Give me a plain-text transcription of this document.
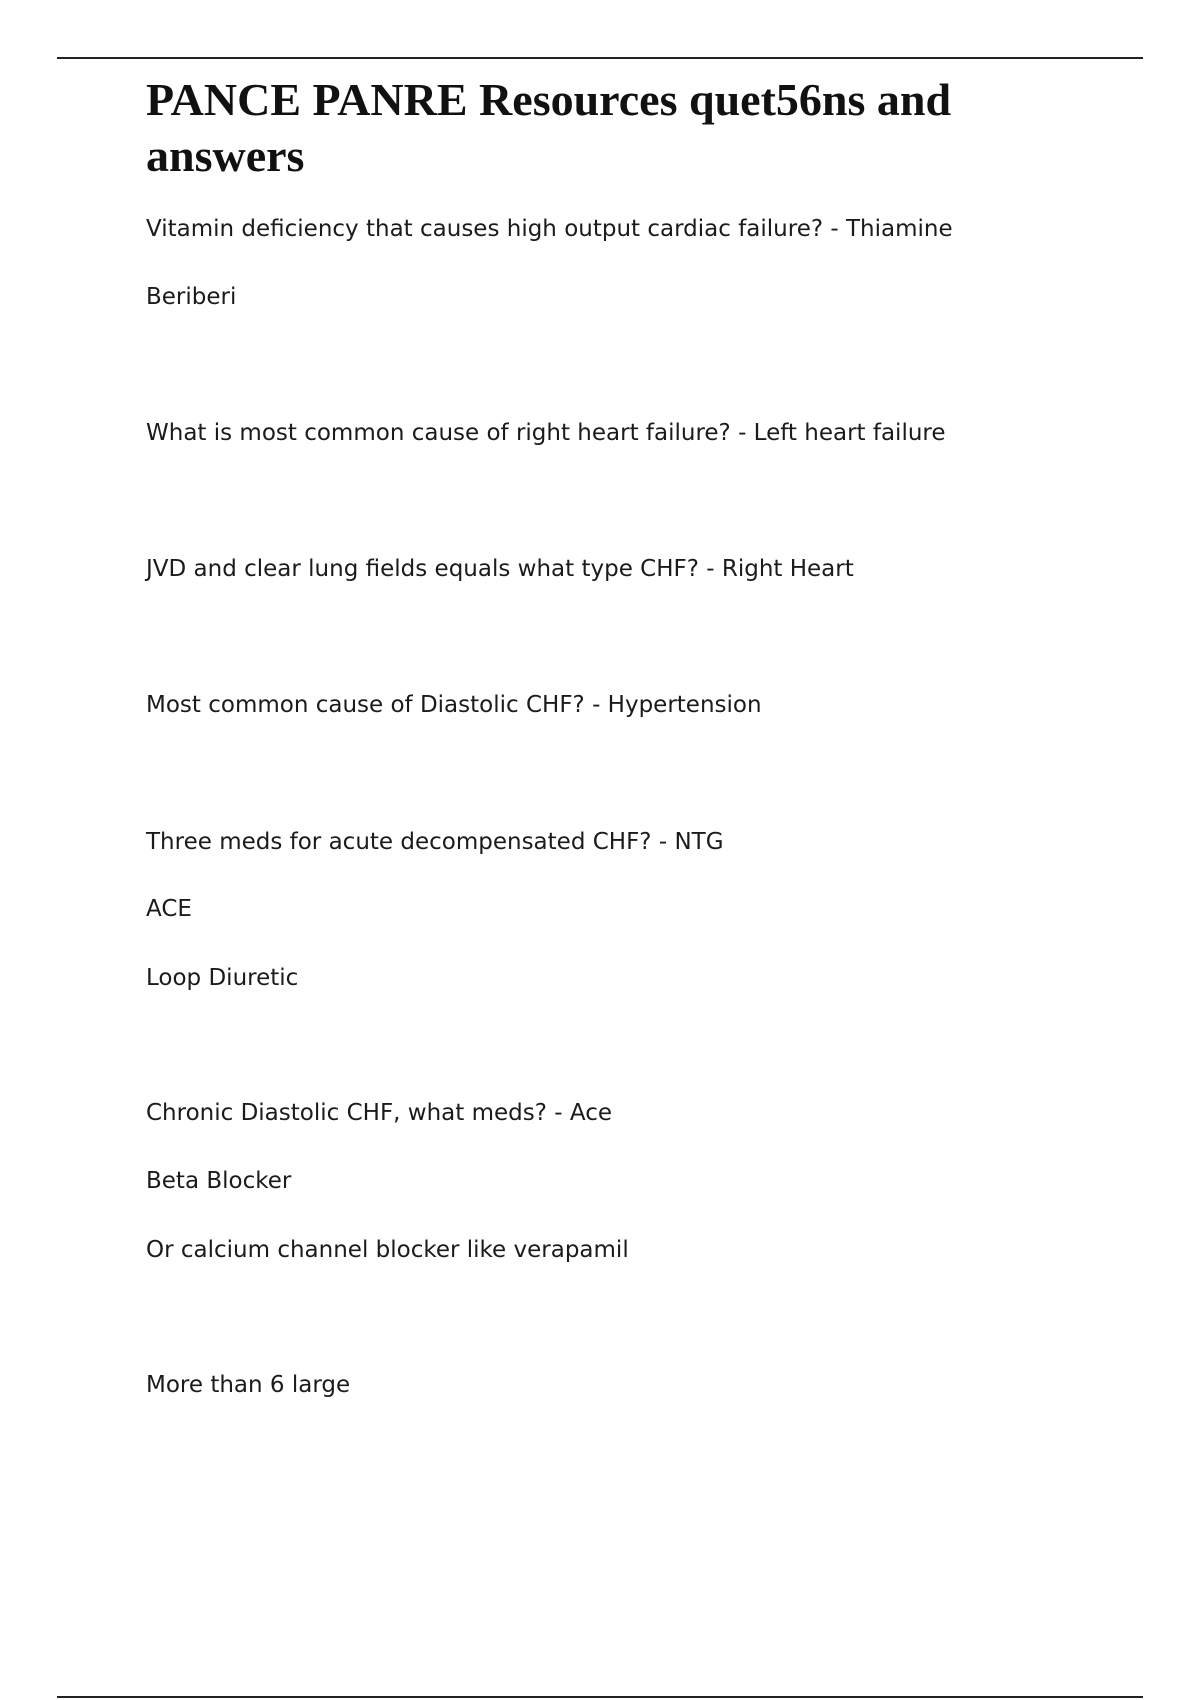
PANCE PANRE Resources quet56ns and answers

Vitamin deficiency that causes high output cardiac failure? - Thiamine

Beriberi

What is most common cause of right heart failure? - Left heart failure

JVD and clear lung fields equals what type CHF? - Right Heart

Most common cause of Diastolic CHF? - Hypertension

Three meds for acute decompensated CHF? - NTG

ACE

Loop Diuretic

Chronic Diastolic CHF, what meds? - Ace

Beta Blocker

Or calcium channel blocker like verapamil

More than 6 large
